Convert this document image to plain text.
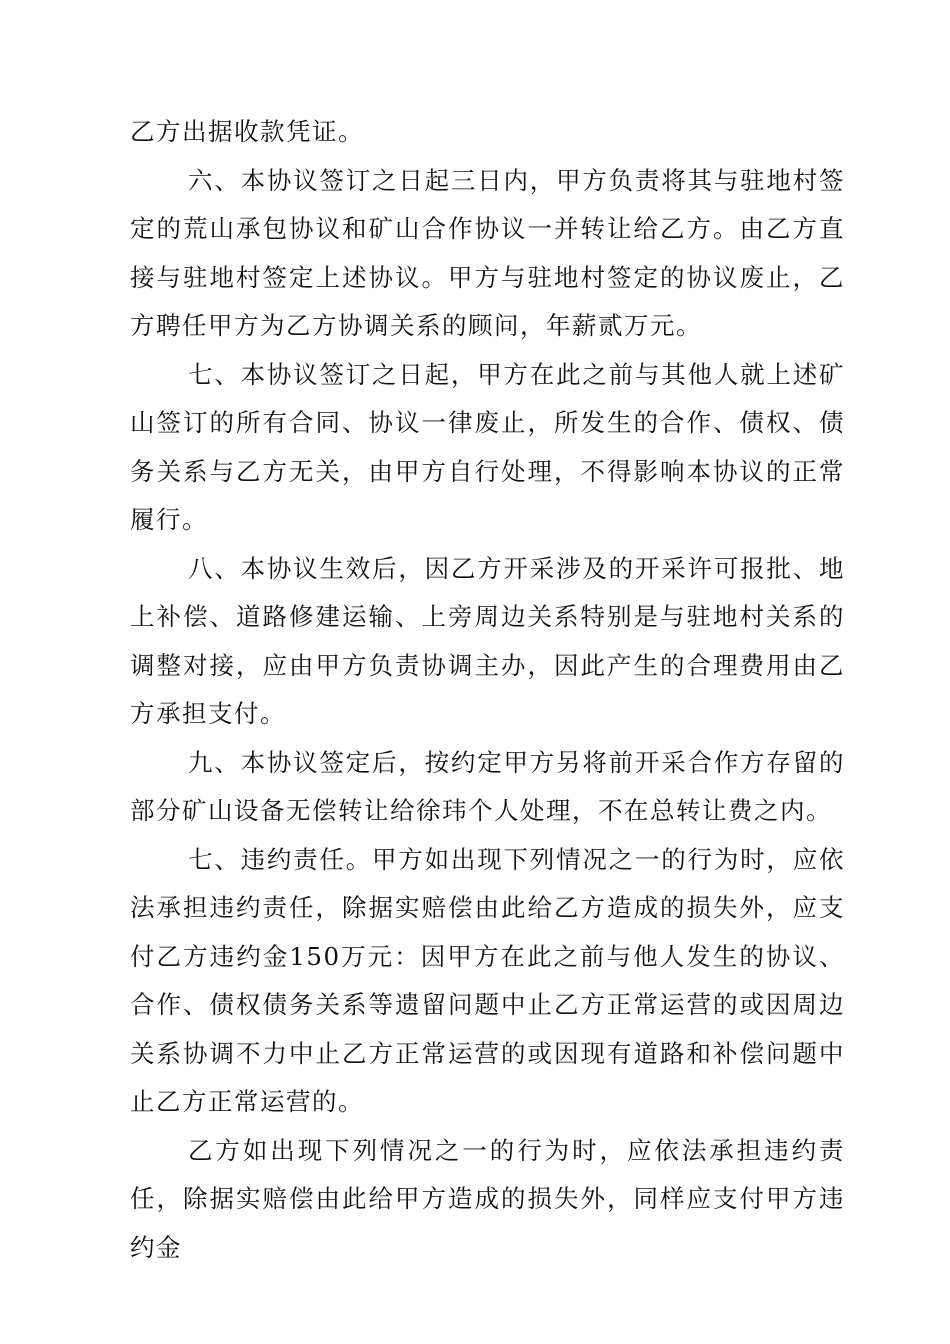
乙方出据收款凭证。

六、本协议签订之日起三日内，甲方负责将其与驻地村签定的荒山承包协议和矿山合作协议一并转让给乙方。由乙方直接与驻地村签定上述协议。甲方与驻地村签定的协议废止，乙方聘任甲方为乙方协调关系的顾问，年薪贰万元。

七、本协议签订之日起，甲方在此之前与其他人就上述矿山签订的所有合同、协议一律废止，所发生的合作、债权、债务关系与乙方无关，由甲方自行处理，不得影响本协议的正常履行。

八、本协议生效后，因乙方开采涉及的开采许可报批、地上补偿、道路修建运输、上旁周边关系特别是与驻地村关系的调整对接，应由甲方负责协调主办，因此产生的合理费用由乙方承担支付。

九、本协议签定后，按约定甲方另将前开采合作方存留的部分矿山设备无偿转让给徐玮个人处理，不在总转让费之内。

七、违约责任。甲方如出现下列情况之一的行为时，应依法承担违约责任，除据实赔偿由此给乙方造成的损失外，应支付乙方违约金150万元：因甲方在此之前与他人发生的协议、合作、债权债务关系等遗留问题中止乙方正常运营的或因周边关系协调不力中止乙方正常运营的或因现有道路和补偿问题中止乙方正常运营的。

乙方如出现下列情况之一的行为时，应依法承担违约责任，除据实赔偿由此给甲方造成的损失外，同样应支付甲方违约金
